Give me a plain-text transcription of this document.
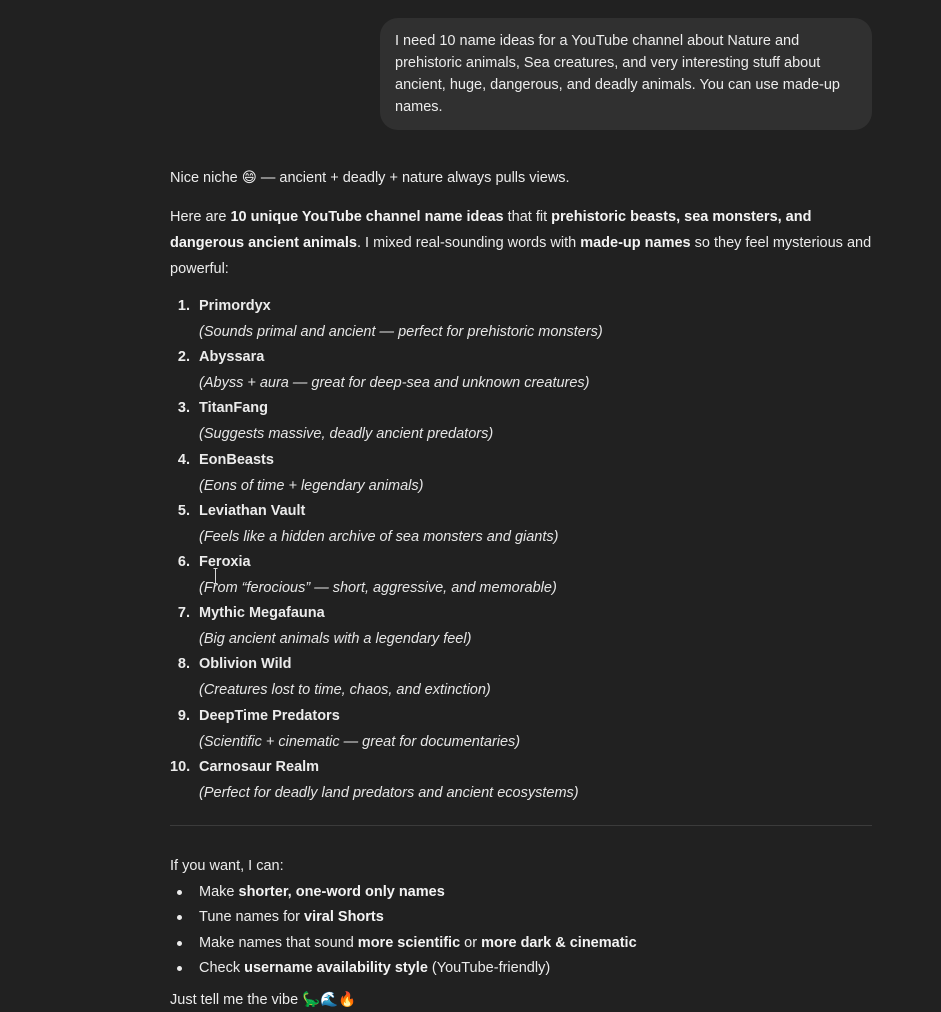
I need 10 name ideas for a YouTube channel about Nature and prehistoric animals, Sea creatures, and very interesting stuff about ancient, huge, dangerous, and deadly animals. You can use made-up names.

Nice niche 😄 — ancient + deadly + nature always pulls views.

Here are 10 unique YouTube channel name ideas that fit prehistoric beasts, sea monsters, and dangerous ancient animals. I mixed real-sounding words with made-up names so they feel mysterious and powerful:

1. Primordyx
(Sounds primal and ancient — perfect for prehistoric monsters)
2. Abyssara
(Abyss + aura — great for deep-sea and unknown creatures)
3. TitanFang
(Suggests massive, deadly ancient predators)
4. EonBeasts
(Eons of time + legendary animals)
5. Leviathan Vault
(Feels like a hidden archive of sea monsters and giants)
6. Feroxia
(From “ferocious” — short, aggressive, and memorable)
7. Mythic Megafauna
(Big ancient animals with a legendary feel)
8. Oblivion Wild
(Creatures lost to time, chaos, and extinction)
9. DeepTime Predators
(Scientific + cinematic — great for documentaries)
10. Carnosaur Realm
(Perfect for deadly land predators and ancient ecosystems)

If you want, I can:

Make shorter, one-word only names
Tune names for viral Shorts
Make names that sound more scientific or more dark & cinematic
Check username availability style (YouTube-friendly)

Just tell me the vibe 🦕🌊🔥
